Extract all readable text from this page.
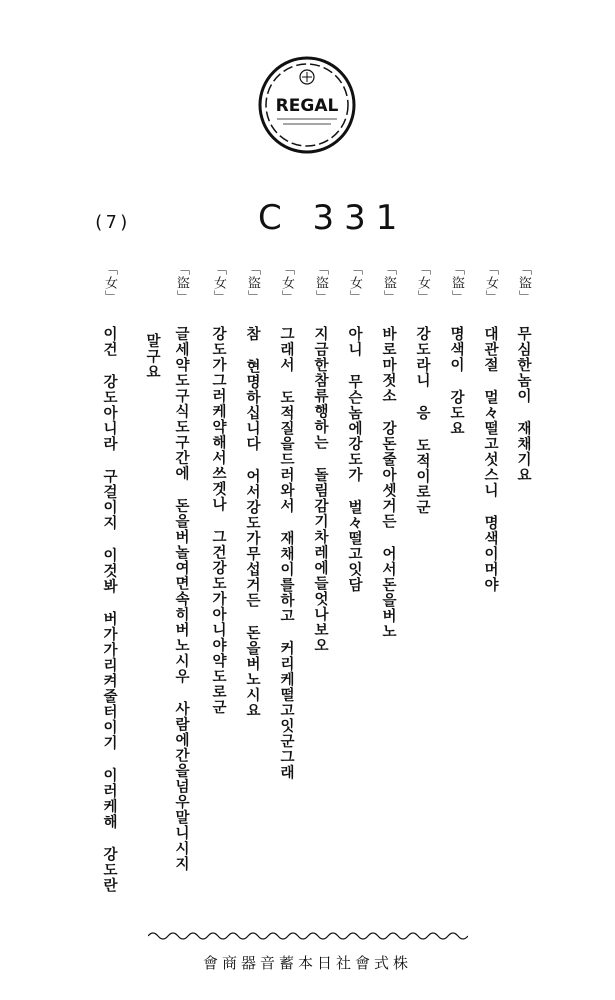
REGAL
(7)	C 331
「盜」무심한놈이 재채기요
「女」대관절 멀々떨고섯스니 명색이머야
「盜」명색이 강도요
「女」강도라니 응 도적이로군
「盜」바로마젓소 강돈줄아셋거든 어서돈을버노
「女」아니 무슨놈에강도가 벌々떨고잇담
「盜」지금한참류행하는 돌림감기차레에들엇나보오
「女」그래서 도적질을드러와서 재채이를하고 커리케떨고잇군그래
「盜」참 현명하십니다 어서강도가무섭거든 돈을버노시요
「女」강도가그러케약해서쓰겟나 그건강도가아니야약도로군
「盜」글세약도구식도구간에 돈을버놀여면속히버노시우 사람에간을넘우말니시지
말구요
「女」이건 강도아니라 구걸이지 이것봐 버가가리켜줄터이기 이러케해 강도란
會商器音蓄本日社會式株
